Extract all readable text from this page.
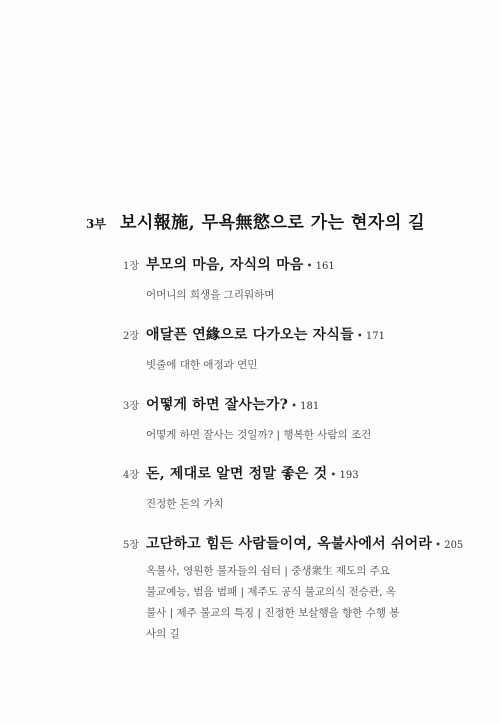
3부 보시報施, 무욕無慾으로 가는 현자의 길
1장 부모의 마음, 자식의 마음 • 161
어머니의 희생을 그리워하며
2장 애달픈 연緣으로 다가오는 자식들 • 171
빗줄에 대한 애정과 연민
3장 어떻게 하면 잘사는가? • 181
어떻게 하면 잘사는 것일까? | 행복한 사람의 조건
4장 돈, 제대로 알면 정말 좋은 것 • 193
진정한 돈의 가치
5장 고단하고 힘든 사람들이여, 옥불사에서 쉬어라 • 205
옥불사, 영원한 불자들의 쉼터 | 중생衆生 제도의 주요 불교예능, 범음 범패 | 제주도 공식 불교의식 전승관, 옥불사 | 제주 불교의 특징 | 진정한 보살행을 향한 수행 봉사의 길
